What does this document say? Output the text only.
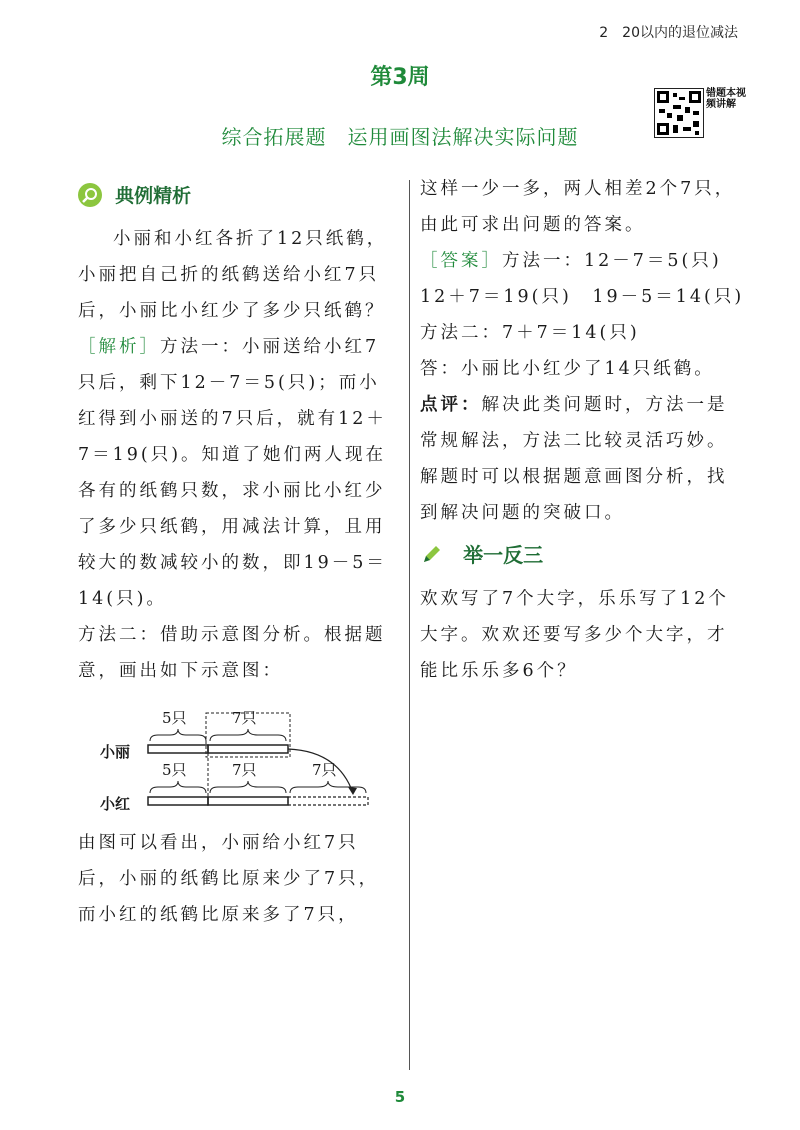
2　20以内的退位减法
第3周
综合拓展题　运用画图法解决实际问题
错题本视频讲解
典例精析

小丽和小红各折了12只纸鹤，小丽把自己折的纸鹤送给小红7只后，小丽比小红少了多少只纸鹤？

［解析］方法一：小丽送给小红7只后，剩下12－7＝5(只)；而小红得到小丽送的7只后，就有12＋7＝19(只)。知道了她们两人现在各有的纸鹤只数，求小丽比小红少了多少只纸鹤，用减法计算，且用较大的数减较小的数，即19－5＝14(只)。

方法二：借助示意图分析。根据题意，画出如下示意图：

小丽
小红
5只	7只
5只	7只	7只

由图可以看出，小丽给小红7只后，小丽的纸鹤比原来少了7只，而小红的纸鹤比原来多了7只，

这样一少一多，两人相差2个7只，由此可求出问题的答案。

［答案］方法一：12－7＝5(只)

12＋7＝19(只)　19－5＝14(只)

方法二：7＋7＝14(只)

答：小丽比小红少了14只纸鹤。

点评：解决此类问题时，方法一是常规解法，方法二比较灵活巧妙。解题时可以根据题意画图分析，找到解决问题的突破口。

举一反三

欢欢写了7个大字，乐乐写了12个大字。欢欢还要写多少个大字，才能比乐乐多6个？

5
